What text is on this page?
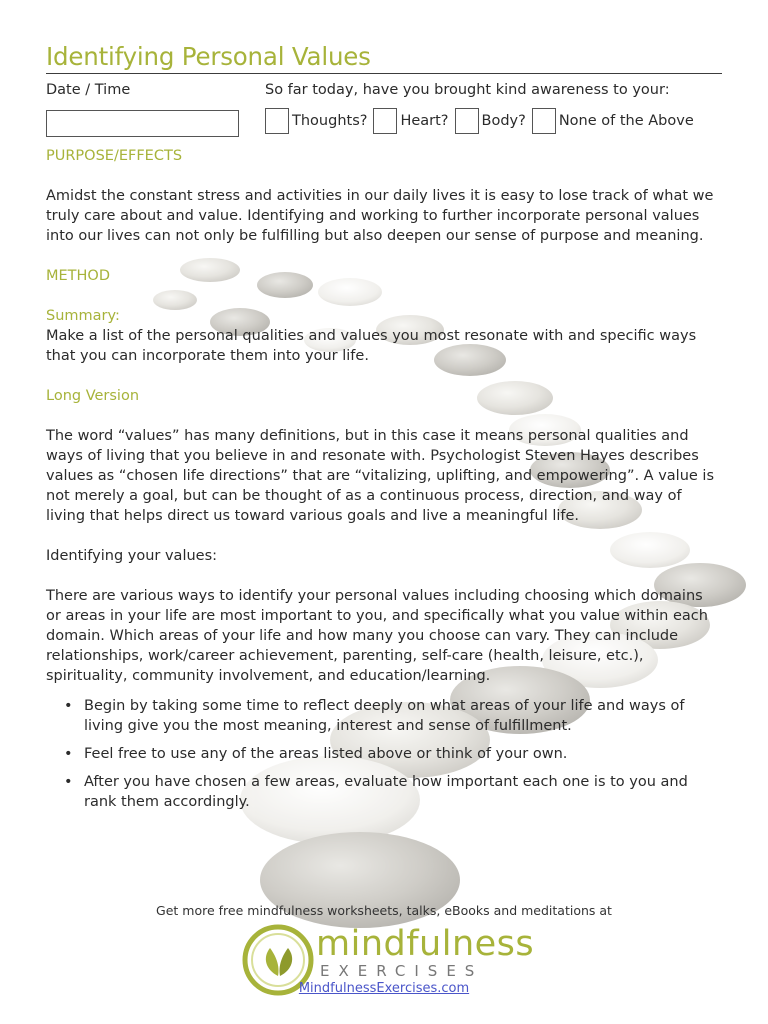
Identifying Personal Values
Date / Time	So far today, have you brought kind awareness to your:
Thoughts? Heart? Body? None of the Above
PURPOSE/EFFECTS

Amidst the constant stress and activities in our daily lives it is easy to lose track of what we truly care about and value. Identifying and working to further incorporate personal values into our lives can not only be fulfilling but also deepen our sense of purpose and meaning.

METHOD
Summary:

Make a list of the personal qualities and values you most resonate with and specific ways that you can incorporate them into your life.

Long Version

The word “values” has many definitions, but in this case it means personal qualities and ways of living that you believe in and resonate with. Psychologist Steven Hayes describes values as “chosen life directions” that are “vitalizing, uplifting, and empowering”. A value is not merely a goal, but can be thought of as a continuous process, direction, and way of living that helps direct us toward various goals and live a meaningful life.

Identifying your values:

There are various ways to identify your personal values including choosing which domains or areas in your life are most important to you, and specifically what you value within each domain. Which areas of your life and how many you choose can vary. They can include relationships, work/career achievement, parenting, self-care (health, leisure, etc.), spirituality, community involvement, and education/learning.

• Begin by taking some time to reflect deeply on what areas of your life and ways of living give you the most meaning, interest and sense of fulfillment.
• Feel free to use any of the areas listed above or think of your own.
• After you have chosen a few areas, evaluate how important each one is to you and rank them accordingly.
Get more free mindfulness worksheets, talks, eBooks and meditations at
mindfulness
EXERCISES
MindfulnessExercises.com
